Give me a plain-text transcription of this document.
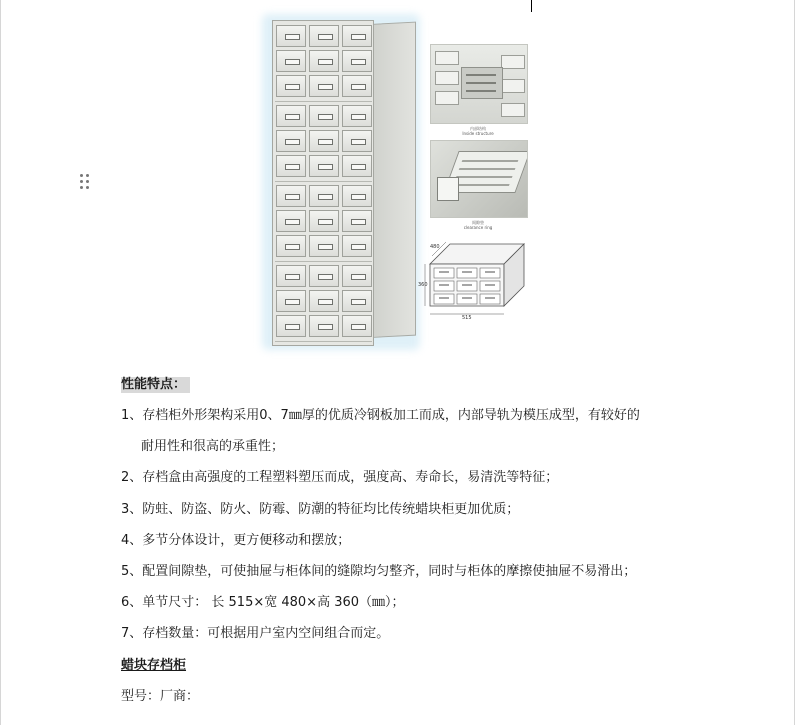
内部结构
Inside structure
间隙垫
clearance ring
515
360
480
性能特点：
1、存档柜外形架构采用0、7㎜厚的优质冷钢板加工而成，内部导轨为模压成型，有较好的
耐用性和很高的承重性；
2、存档盒由高强度的工程塑料塑压而成，强度高、寿命长，易清洗等特征；
3、防蛀、防盗、防火、防霉、防潮的特征均比传统蜡块柜更加优质；
4、多节分体设计，更方便移动和摆放；
5、配置间隙垫，可使抽屉与柜体间的缝隙均匀整齐，同时与柜体的摩擦使抽屉不易滑出；
6、单节尺寸： 长 515×宽 480×高 360（㎜）；
7、存档数量：可根据用户室内空间组合而定。
蜡块存档柜
型号：厂商：
